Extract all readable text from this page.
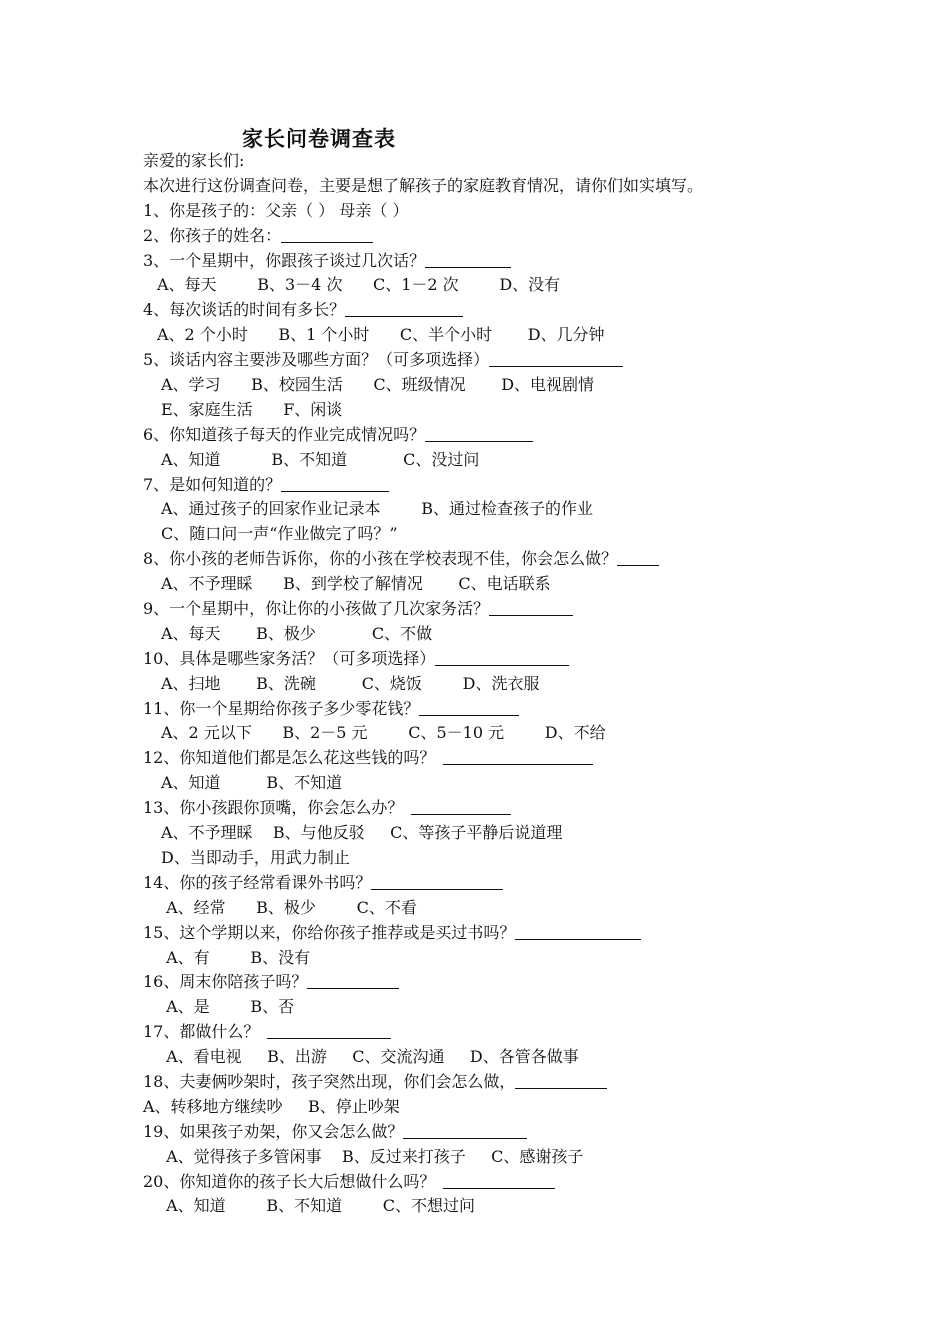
家长问卷调查表
亲爱的家长们:
本次进行这份调查问卷，主要是想了解孩子的家庭教育情况，请你们如实填写。
1、你是孩子的：父亲（ ） 母亲（ ）
2、你孩子的姓名：
3、一个星期中，你跟孩子谈过几次话？
A、每天        B、3－4 次      C、1－2 次        D、没有
4、每次谈话的时间有多长？
A、2 个小时      B、1 个小时      C、半个小时       D、几分钟
5、谈话内容主要涉及哪些方面？（可多项选择）
A、学习      B、校园生活      C、班级情况       D、电视剧情
E、家庭生活      F、闲谈
6、你知道孩子每天的作业完成情况吗？
A、知道          B、不知道           C、没过问
7、是如何知道的？
A、通过孩子的回家作业记录本        B、通过检查孩子的作业
C、随口问一声“作业做完了吗？”
8、你小孩的老师告诉你，你的小孩在学校表现不佳，你会怎么做？
A、不予理睬      B、到学校了解情况       C、电话联系
9、一个星期中，你让你的小孩做了几次家务活？
A、每天       B、极少           C、不做
10、具体是哪些家务活？（可多项选择）
A、扫地       B、洗碗         C、烧饭        D、洗衣服
11、你一个星期给你孩子多少零花钱？
A、2 元以下      B、2－5 元        C、5－10 元        D、不给
12、你知道他们都是怎么花这些钱的吗？
A、知道         B、不知道
13、你小孩跟你顶嘴，你会怎么办？
A、不予理睬    B、与他反驳     C、等孩子平静后说道理
D、当即动手，用武力制止
14、你的孩子经常看课外书吗？
A、经常      B、极少        C、不看
15、这个学期以来，你给你孩子推荐或是买过书吗？
A、有        B、没有
16、周末你陪孩子吗？
A、是        B、否
17、都做什么？
A、看电视     B、出游     C、交流沟通     D、各管各做事
18、夫妻俩吵架时，孩子突然出现，你们会怎么做，
A、转移地方继续吵     B、停止吵架
19、如果孩子劝架，你又会怎么做？
A、觉得孩子多管闲事    B、反过来打孩子     C、感谢孩子
20、你知道你的孩子长大后想做什么吗？
A、知道        B、不知道        C、不想过问
